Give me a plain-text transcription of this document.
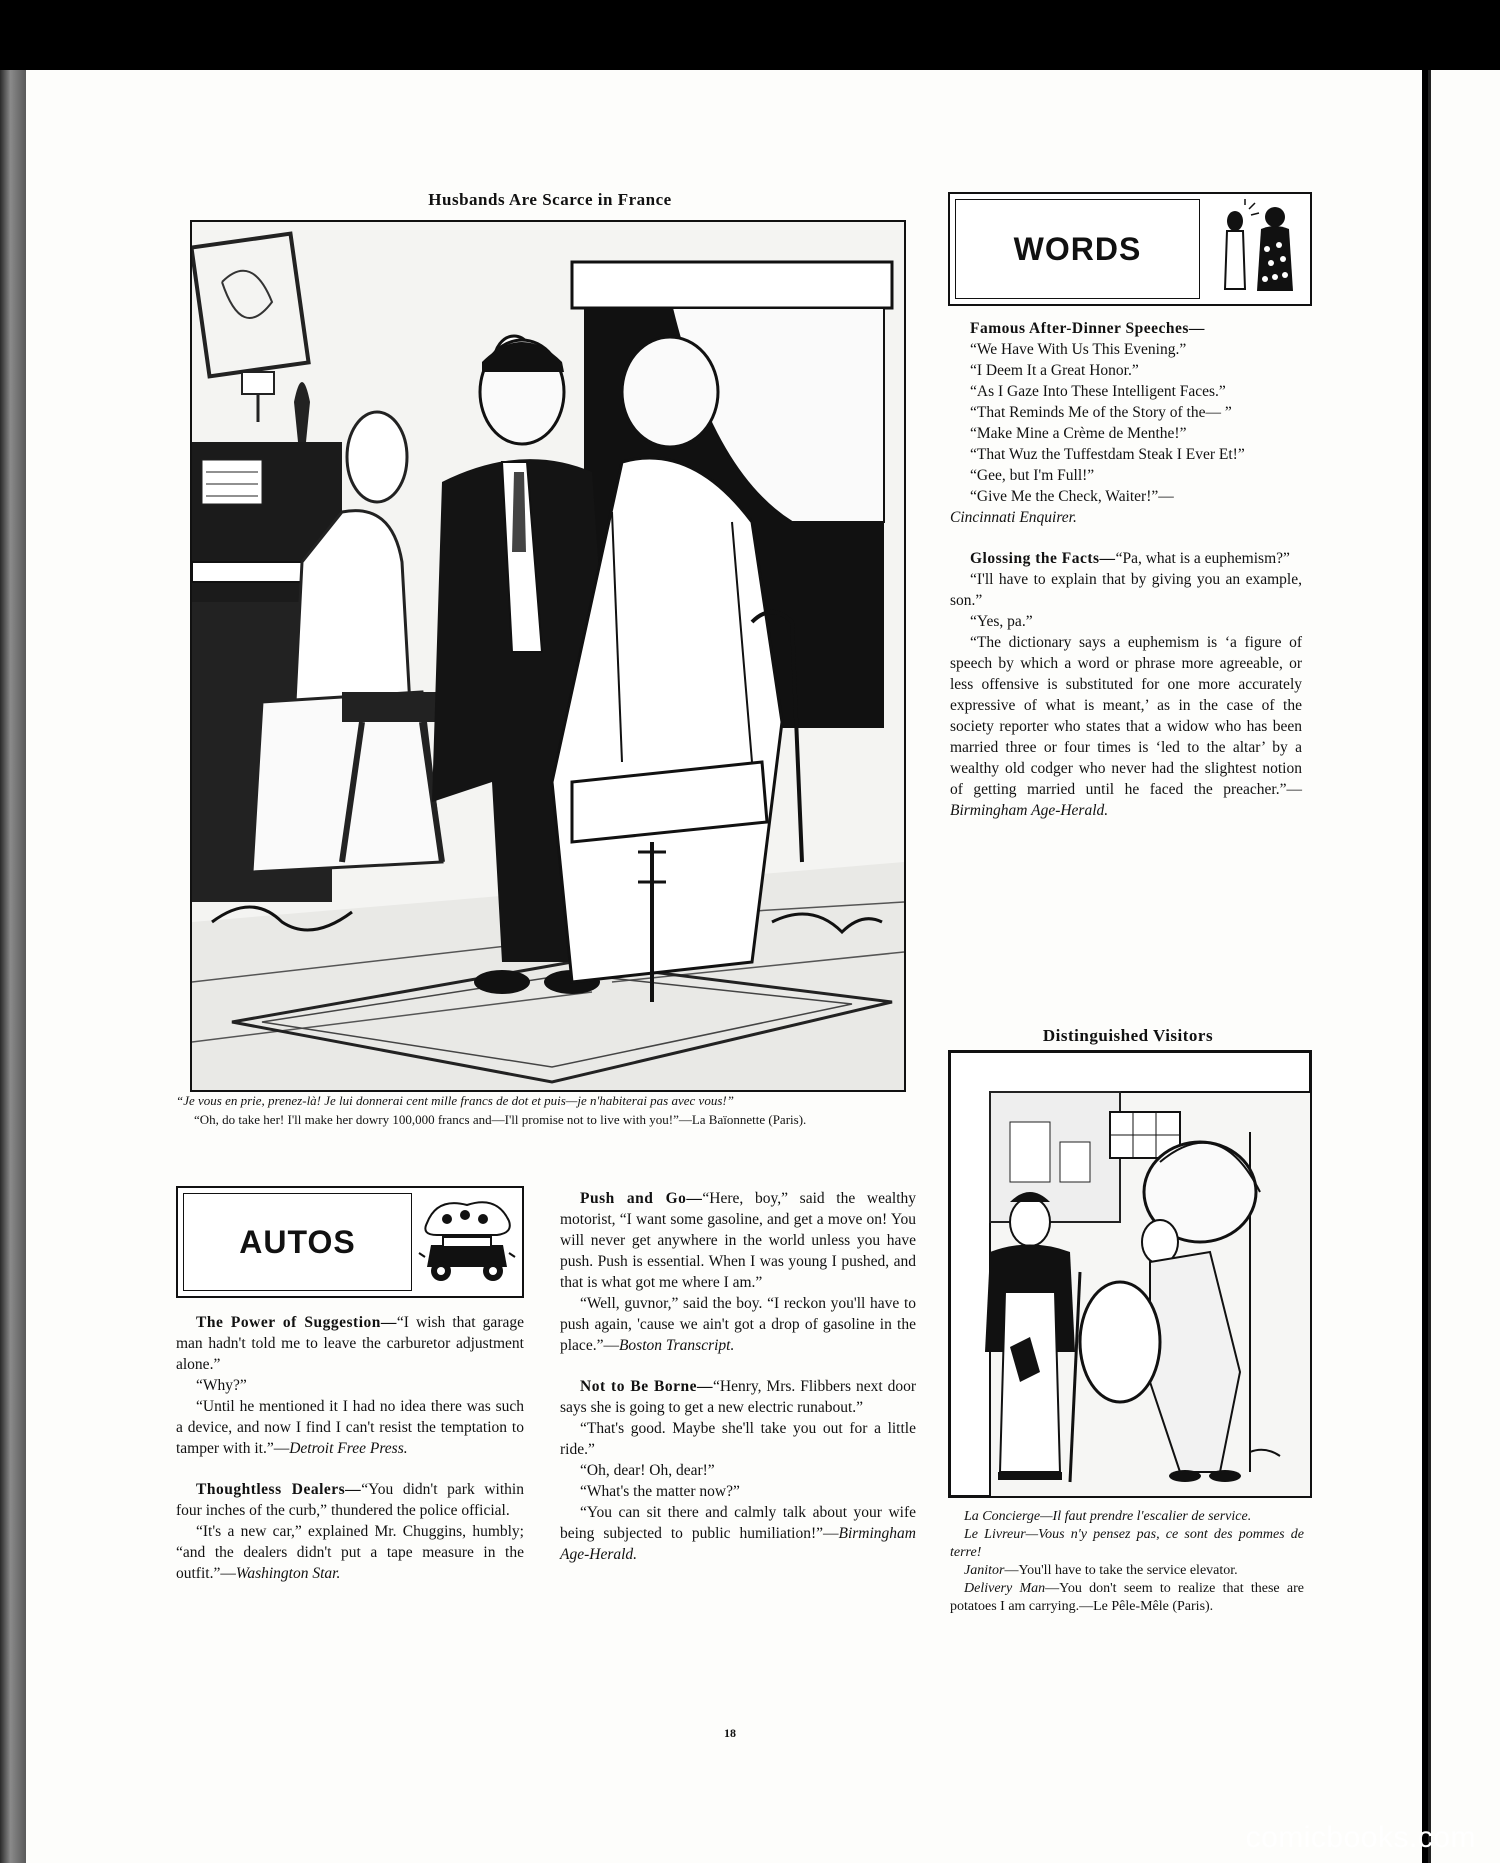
Husbands Are Scarce in France
“Je vous en prie, prenez-là! Je lui donnerai cent mille francs de dot et puis—je n'habiterai pas avec vous!”
“Oh, do take her! I'll make her dowry 100,000 francs and—I'll promise not to live with you!”—La Baïonnette (Paris).
WORDS

Famous After-Dinner Speeches—

“We Have With Us This Evening.”

“I Deem It a Great Honor.”

“As I Gaze Into These Intelligent Faces.”

“That Reminds Me of the Story of the— ”

“Make Mine a Crème de Menthe!”

“That Wuz the Tuffestdam Steak I Ever Et!”

“Gee, but I'm Full!”

“Give Me the Check, Waiter!”—

Cincinnati Enquirer.

Glossing the Facts—“Pa, what is a euphemism?”

“I'll have to explain that by giving you an example, son.”

“Yes, pa.”

“The dictionary says a euphemism is ‘a figure of speech by which a word or phrase more agreeable, or less offensive is substituted for one more accurately expressive of what is meant,’ as in the case of the society reporter who states that a widow who has been married three or four times is ‘led to the altar’ by a wealthy old codger who never had the slightest notion of getting married until he faced the preacher.”—Birmingham Age-Herald.

Distinguished Visitors
La Concierge—Il faut prendre l'escalier de service.
Le Livreur—Vous n'y pensez pas, ce sont des pommes de terre!
Janitor—You'll have to take the service elevator.
Delivery Man—You don't seem to realize that these are potatoes I am carrying.—Le Pêle-Mêle (Paris).
AUTOS

The Power of Suggestion—“I wish that garage man hadn't told me to leave the carburetor adjustment alone.”

“Why?”

“Until he mentioned it I had no idea there was such a device, and now I find I can't resist the temptation to tamper with it.”—Detroit Free Press.

Thoughtless Dealers—“You didn't park within four inches of the curb,” thundered the police official.

“It's a new car,” explained Mr. Chuggins, humbly; “and the dealers didn't put a tape measure in the outfit.”—Washington Star.

Push and Go—“Here, boy,” said the wealthy motorist, “I want some gasoline, and get a move on! You will never get anywhere in the world unless you have push. Push is essential. When I was young I pushed, and that is what got me where I am.”

“Well, guvnor,” said the boy. “I reckon you'll have to push again, 'cause we ain't got a drop of gasoline in the place.”—Boston Transcript.

Not to Be Borne—“Henry, Mrs. Flibbers next door says she is going to get a new electric runabout.”

“That's good. Maybe she'll take you out for a little ride.”

“Oh, dear! Oh, dear!”

“What's the matter now?”

“You can sit there and calmly talk about your wife being subjected to public humiliation!”—Birmingham Age-Herald.

18
comicbooks.com
